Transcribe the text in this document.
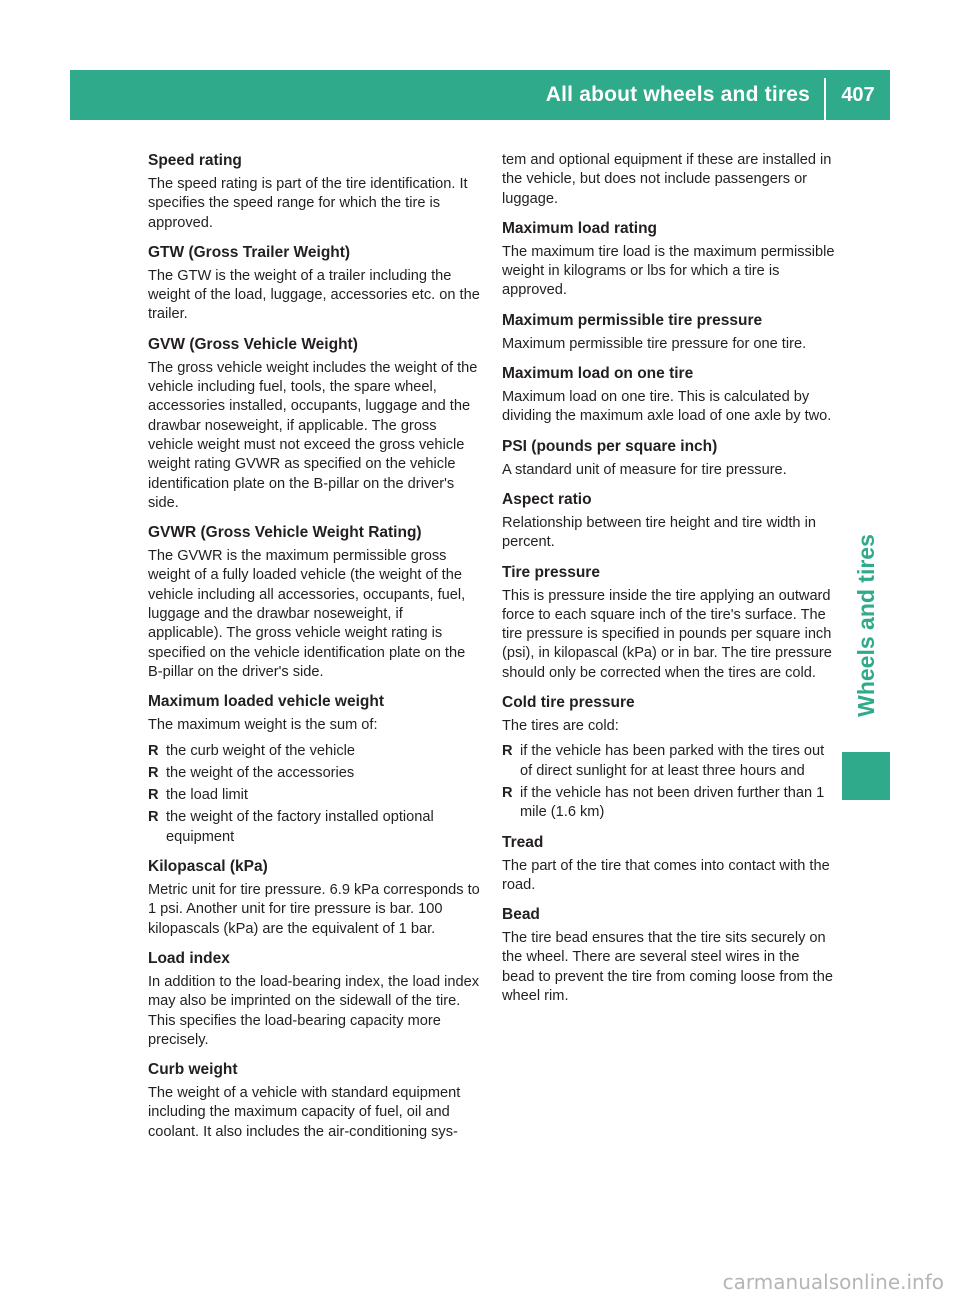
All about wheels and tires	407
Wheels and tires
Speed rating
The speed rating is part of the tire identification. It specifies the speed range for which the tire is approved.
GTW (Gross Trailer Weight)
The GTW is the weight of a trailer including the weight of the load, luggage, accessories etc. on the trailer.
GVW (Gross Vehicle Weight)
The gross vehicle weight includes the weight of the vehicle including fuel, tools, the spare wheel, accessories installed, occupants, luggage and the drawbar noseweight, if applicable. The gross vehicle weight must not exceed the gross vehicle weight rating GVWR as specified on the vehicle identification plate on the B-pillar on the driver's side.
GVWR (Gross Vehicle Weight Rating)
The GVWR is the maximum permissible gross weight of a fully loaded vehicle (the weight of the vehicle including all accessories, occupants, fuel, luggage and the drawbar noseweight, if applicable). The gross vehicle weight rating is specified on the vehicle identification plate on the B-pillar on the driver's side.
Maximum loaded vehicle weight
The maximum weight is the sum of:
R the curb weight of the vehicle
R the weight of the accessories
R the load limit
R the weight of the factory installed optional equipment
Kilopascal (kPa)
Metric unit for tire pressure. 6.9 kPa corresponds to 1 psi. Another unit for tire pressure is bar. 100 kilopascals (kPa) are the equivalent of 1 bar.
Load index
In addition to the load-bearing index, the load index may also be imprinted on the sidewall of the tire. This specifies the load-bearing capacity more precisely.
Curb weight
The weight of a vehicle with standard equipment including the maximum capacity of fuel, oil and coolant. It also includes the air-conditioning sys-
tem and optional equipment if these are installed in the vehicle, but does not include passengers or luggage.
Maximum load rating
The maximum tire load is the maximum permissible weight in kilograms or lbs for which a tire is approved.
Maximum permissible tire pressure
Maximum permissible tire pressure for one tire.
Maximum load on one tire
Maximum load on one tire. This is calculated by dividing the maximum axle load of one axle by two.
PSI (pounds per square inch)
A standard unit of measure for tire pressure.
Aspect ratio
Relationship between tire height and tire width in percent.
Tire pressure
This is pressure inside the tire applying an outward force to each square inch of the tire's surface. The tire pressure is specified in pounds per square inch (psi), in kilopascal (kPa) or in bar. The tire pressure should only be corrected when the tires are cold.
Cold tire pressure
The tires are cold:
R if the vehicle has been parked with the tires out of direct sunlight for at least three hours and
R if the vehicle has not been driven further than 1 mile (1.6 km)
Tread
The part of the tire that comes into contact with the road.
Bead
The tire bead ensures that the tire sits securely on the wheel. There are several steel wires in the bead to prevent the tire from coming loose from the wheel rim.
carmanualsonline.info
